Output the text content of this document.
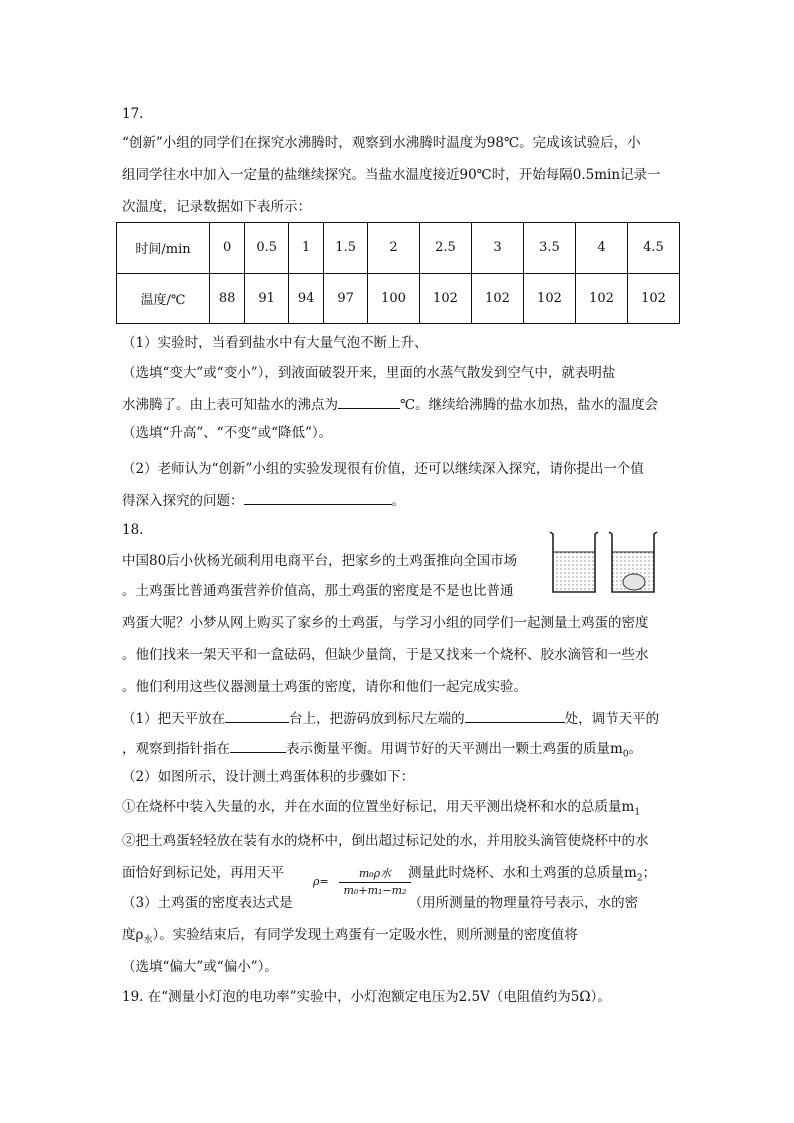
17.
“创新”小组的同学们在探究水沸腾时，观察到水沸腾时温度为98℃。完成该试验后，小
组同学往水中加入一定量的盐继续探究。当盐水温度接近90℃时，开始每隔0.5min记录一
次温度，记录数据如下表所示：
时间/min	0	0.5	1	1.5	2	2.5	3	3.5	4	4.5
温度/℃	88	91	94	97	100	102	102	102	102	102
（1）实验时，当看到盐水中有大量气泡不断上升、
（选填“变大”或“变小”），到液面破裂开来，里面的水蒸气散发到空气中，就表明盐
水沸腾了。由上表可知盐水的沸点为	℃。继续给沸腾的盐水加热，盐水的温度会
（选填“升高”、“不变”或“降低”）。
（2）老师认为“创新”小组的实验发现很有价值，还可以继续深入探究，请你提出一个值
得深入探究的问题：	。
18.
中国80后小伙杨光硕利用电商平台，把家乡的土鸡蛋推向全国市场
。土鸡蛋比普通鸡蛋营养价值高，那土鸡蛋的密度是不是也比普通
鸡蛋大呢？小梦从网上购买了家乡的土鸡蛋，与学习小组的同学们一起测量土鸡蛋的密度
。他们找来一架天平和一盒砝码，但缺少量筒，于是又找来一个烧杯、胶水滴管和一些水
。他们利用这些仪器测量土鸡蛋的密度，请你和他们一起完成实验。
（1）把天平放在	台上，把游码放到标尺左端的	处，调节天平的
，观察到指针指在	表示衡量平衡。用调节好的天平测出一颗土鸡蛋的质量$m_0$。
（2）如图所示，设计测土鸡蛋体积的步骤如下：
①在烧杯中装入失量的水，并在水面的位置坐好标记，用天平测出烧杯和水的总质量$m_1$
②把土鸡蛋轻轻放在装有水的烧杯中，倒出超过标记处的水，并用胶头滴管使烧杯中的水
面恰好到标记处，再用天平	测量此时烧杯、水和土鸡蛋的总质量$m_2$；
ρ=
m₀ρ水
m₀+m₁−m₂
（3）土鸡蛋的密度表达式是	（用所测量的物理量符号表示，水的密
度$\rho_水$）。实验结束后，有同学发现土鸡蛋有一定吸水性，则所测量的密度值将
（选填“偏大”或“偏小”）。
19. 在“测量小灯泡的电功率”实验中，小灯泡额定电压为2.5V（电阻值约为5Ω）。
